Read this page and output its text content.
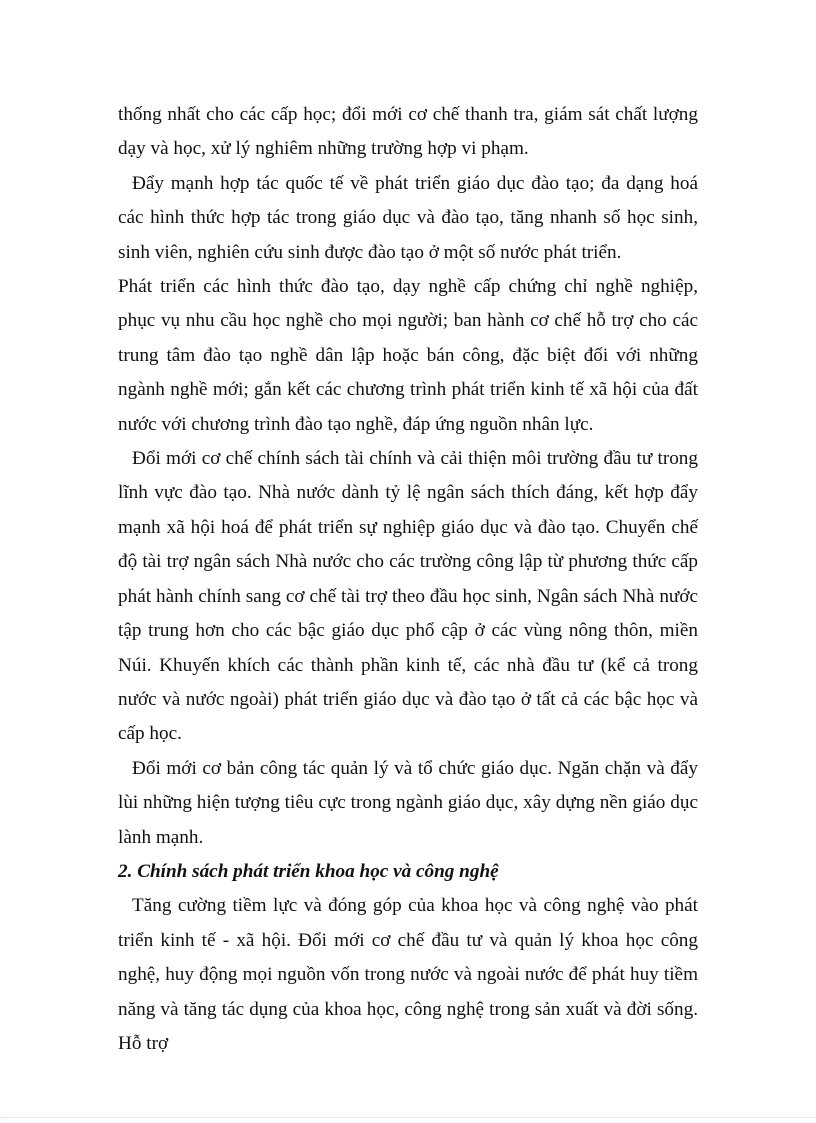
thống nhất cho các cấp học; đổi mới cơ chế thanh tra, giám sát chất lượng dạy và học, xử lý nghiêm những trường hợp vi phạm.

Đẩy mạnh hợp tác quốc tế về phát triển giáo dục đào tạo; đa dạng hoá các hình thức hợp tác trong giáo dục và đào tạo, tăng nhanh số học sinh, sinh viên, nghiên cứu sinh được đào tạo ở một số nước phát triển.

Phát triển các hình thức đào tạo, dạy nghề cấp chứng chỉ nghề nghiệp, phục vụ nhu cầu học nghề cho mọi người; ban hành cơ chế hỗ trợ cho các trung tâm đào tạo nghề dân lập hoặc bán công, đặc biệt đối với những ngành nghề mới; gắn kết các chương trình phát triển kinh tế xã hội của đất nước với chương trình đào tạo nghề, đáp ứng nguồn nhân lực.

Đổi mới cơ chế chính sách tài chính và cải thiện môi trường đầu tư trong lĩnh vực đào tạo. Nhà nước dành tỷ lệ ngân sách thích đáng, kết hợp đẩy mạnh xã hội hoá để phát triển sự nghiệp giáo dục và đào tạo. Chuyển chế độ tài trợ ngân sách Nhà nước cho các trường công lập từ phương thức cấp phát hành chính sang cơ chế tài trợ theo đầu học sinh, Ngân sách Nhà nước tập trung hơn cho các bậc giáo dục phổ cập ở các vùng nông thôn, miền Núi. Khuyến khích các thành phần kinh tế, các nhà đầu tư (kể cả trong nước và nước ngoài) phát triển giáo dục và đào tạo ở tất cả các bậc học và cấp học.

Đổi mới cơ bản công tác quản lý và tổ chức giáo dục. Ngăn chặn và đẩy lùi những hiện tượng tiêu cực trong ngành giáo dục, xây dựng nền giáo dục lành mạnh.

2. Chính sách phát triển khoa học và công nghệ

Tăng cường tiềm lực và đóng góp của khoa học và công nghệ vào phát triển kinh tế - xã hội. Đổi mới cơ chế đầu tư và quản lý khoa học công nghệ, huy động mọi nguồn vốn trong nước và ngoài nước để phát huy tiềm năng và tăng tác dụng của khoa học, công nghệ trong sản xuất và đời sống. Hỗ trợ
